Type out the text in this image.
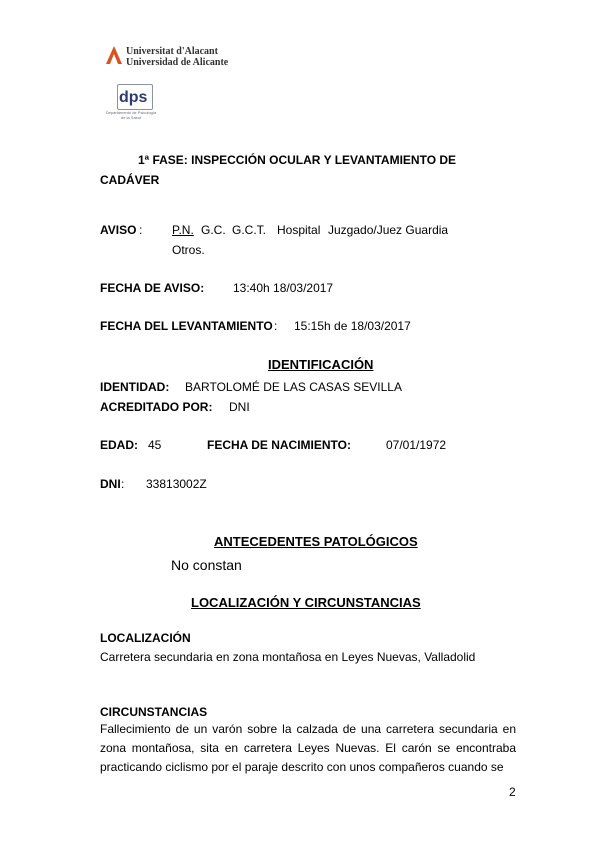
Universitat d'Alacant
Universidad de Alicante
dps
Departamento de Psicología de la Salud
1ª FASE: INSPECCIÓN OCULAR Y LEVANTAMIENTO DE CADÁVER
AVISO : P.N. G.C. G.C.T. Hospital Juzgado/Juez Guardia
Otros.
FECHA DE AVISO: 13:40h 18/03/2017
FECHA DEL LEVANTAMIENTO : 15:15h de 18/03/2017
IDENTIFICACIÓN
IDENTIDAD: BARTOLOMÉ DE LAS CASAS SEVILLA
ACREDITADO POR: DNI
EDAD: 45	FECHA DE NACIMIENTO:	07/01/1972
DNI : 33813002Z
ANTECEDENTES PATOLÓGICOS
No constan
LOCALIZACIÓN Y CIRCUNSTANCIAS
LOCALIZACIÓN
Carretera secundaria en zona montañosa en Leyes Nuevas, Valladolid
CIRCUNSTANCIAS
Fallecimiento de un varón sobre la calzada de una carretera secundaria en zona montañosa, sita en carretera Leyes Nuevas. El carón se encontraba practicando ciclismo por el paraje descrito con unos compañeros cuando se
2
